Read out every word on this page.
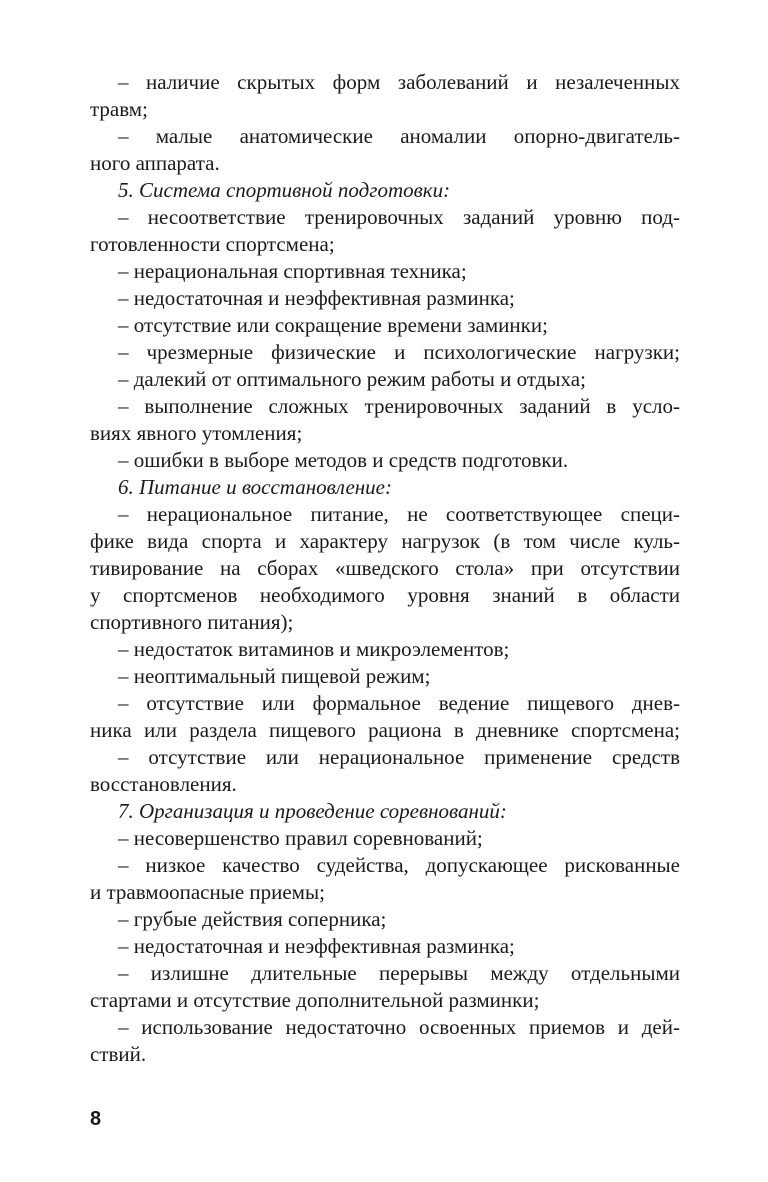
– наличие скрытых форм заболеваний и незалеченных
травм;
– малые анатомические аномалии опорно-двигатель-
ного аппарата.
5. Система спортивной подготовки:
– несоответствие тренировочных заданий уровню под-
готовленности спортсмена;
– нерациональная спортивная техника;
– недостаточная и неэффективная разминка;
– отсутствие или сокращение времени заминки;
– чрезмерные физические и психологические нагрузки;
– далекий от оптимального режим работы и отдыха;
– выполнение сложных тренировочных заданий в усло-
виях явного утомления;
– ошибки в выборе методов и средств подготовки.
6. Питание и восстановление:
– нерациональное питание, не соответствующее специ-
фике вида спорта и характеру нагрузок (в том числе куль-
тивирование на сборах «шведского стола» при отсутствии
у спортсменов необходимого уровня знаний в области
спортивного питания);
– недостаток витаминов и микроэлементов;
– неоптимальный пищевой режим;
– отсутствие или формальное ведение пищевого днев-
ника или раздела пищевого рациона в дневнике спортсмена;
– отсутствие или нерациональное применение средств
восстановления.
7. Организация и проведение соревнований:
– несовершенство правил соревнований;
– низкое качество судейства, допускающее рискованные
и травмоопасные приемы;
– грубые действия соперника;
– недостаточная и неэффективная разминка;
– излишне длительные перерывы между отдельными
стартами и отсутствие дополнительной разминки;
– использование недостаточно освоенных приемов и дей-
ствий.
8
